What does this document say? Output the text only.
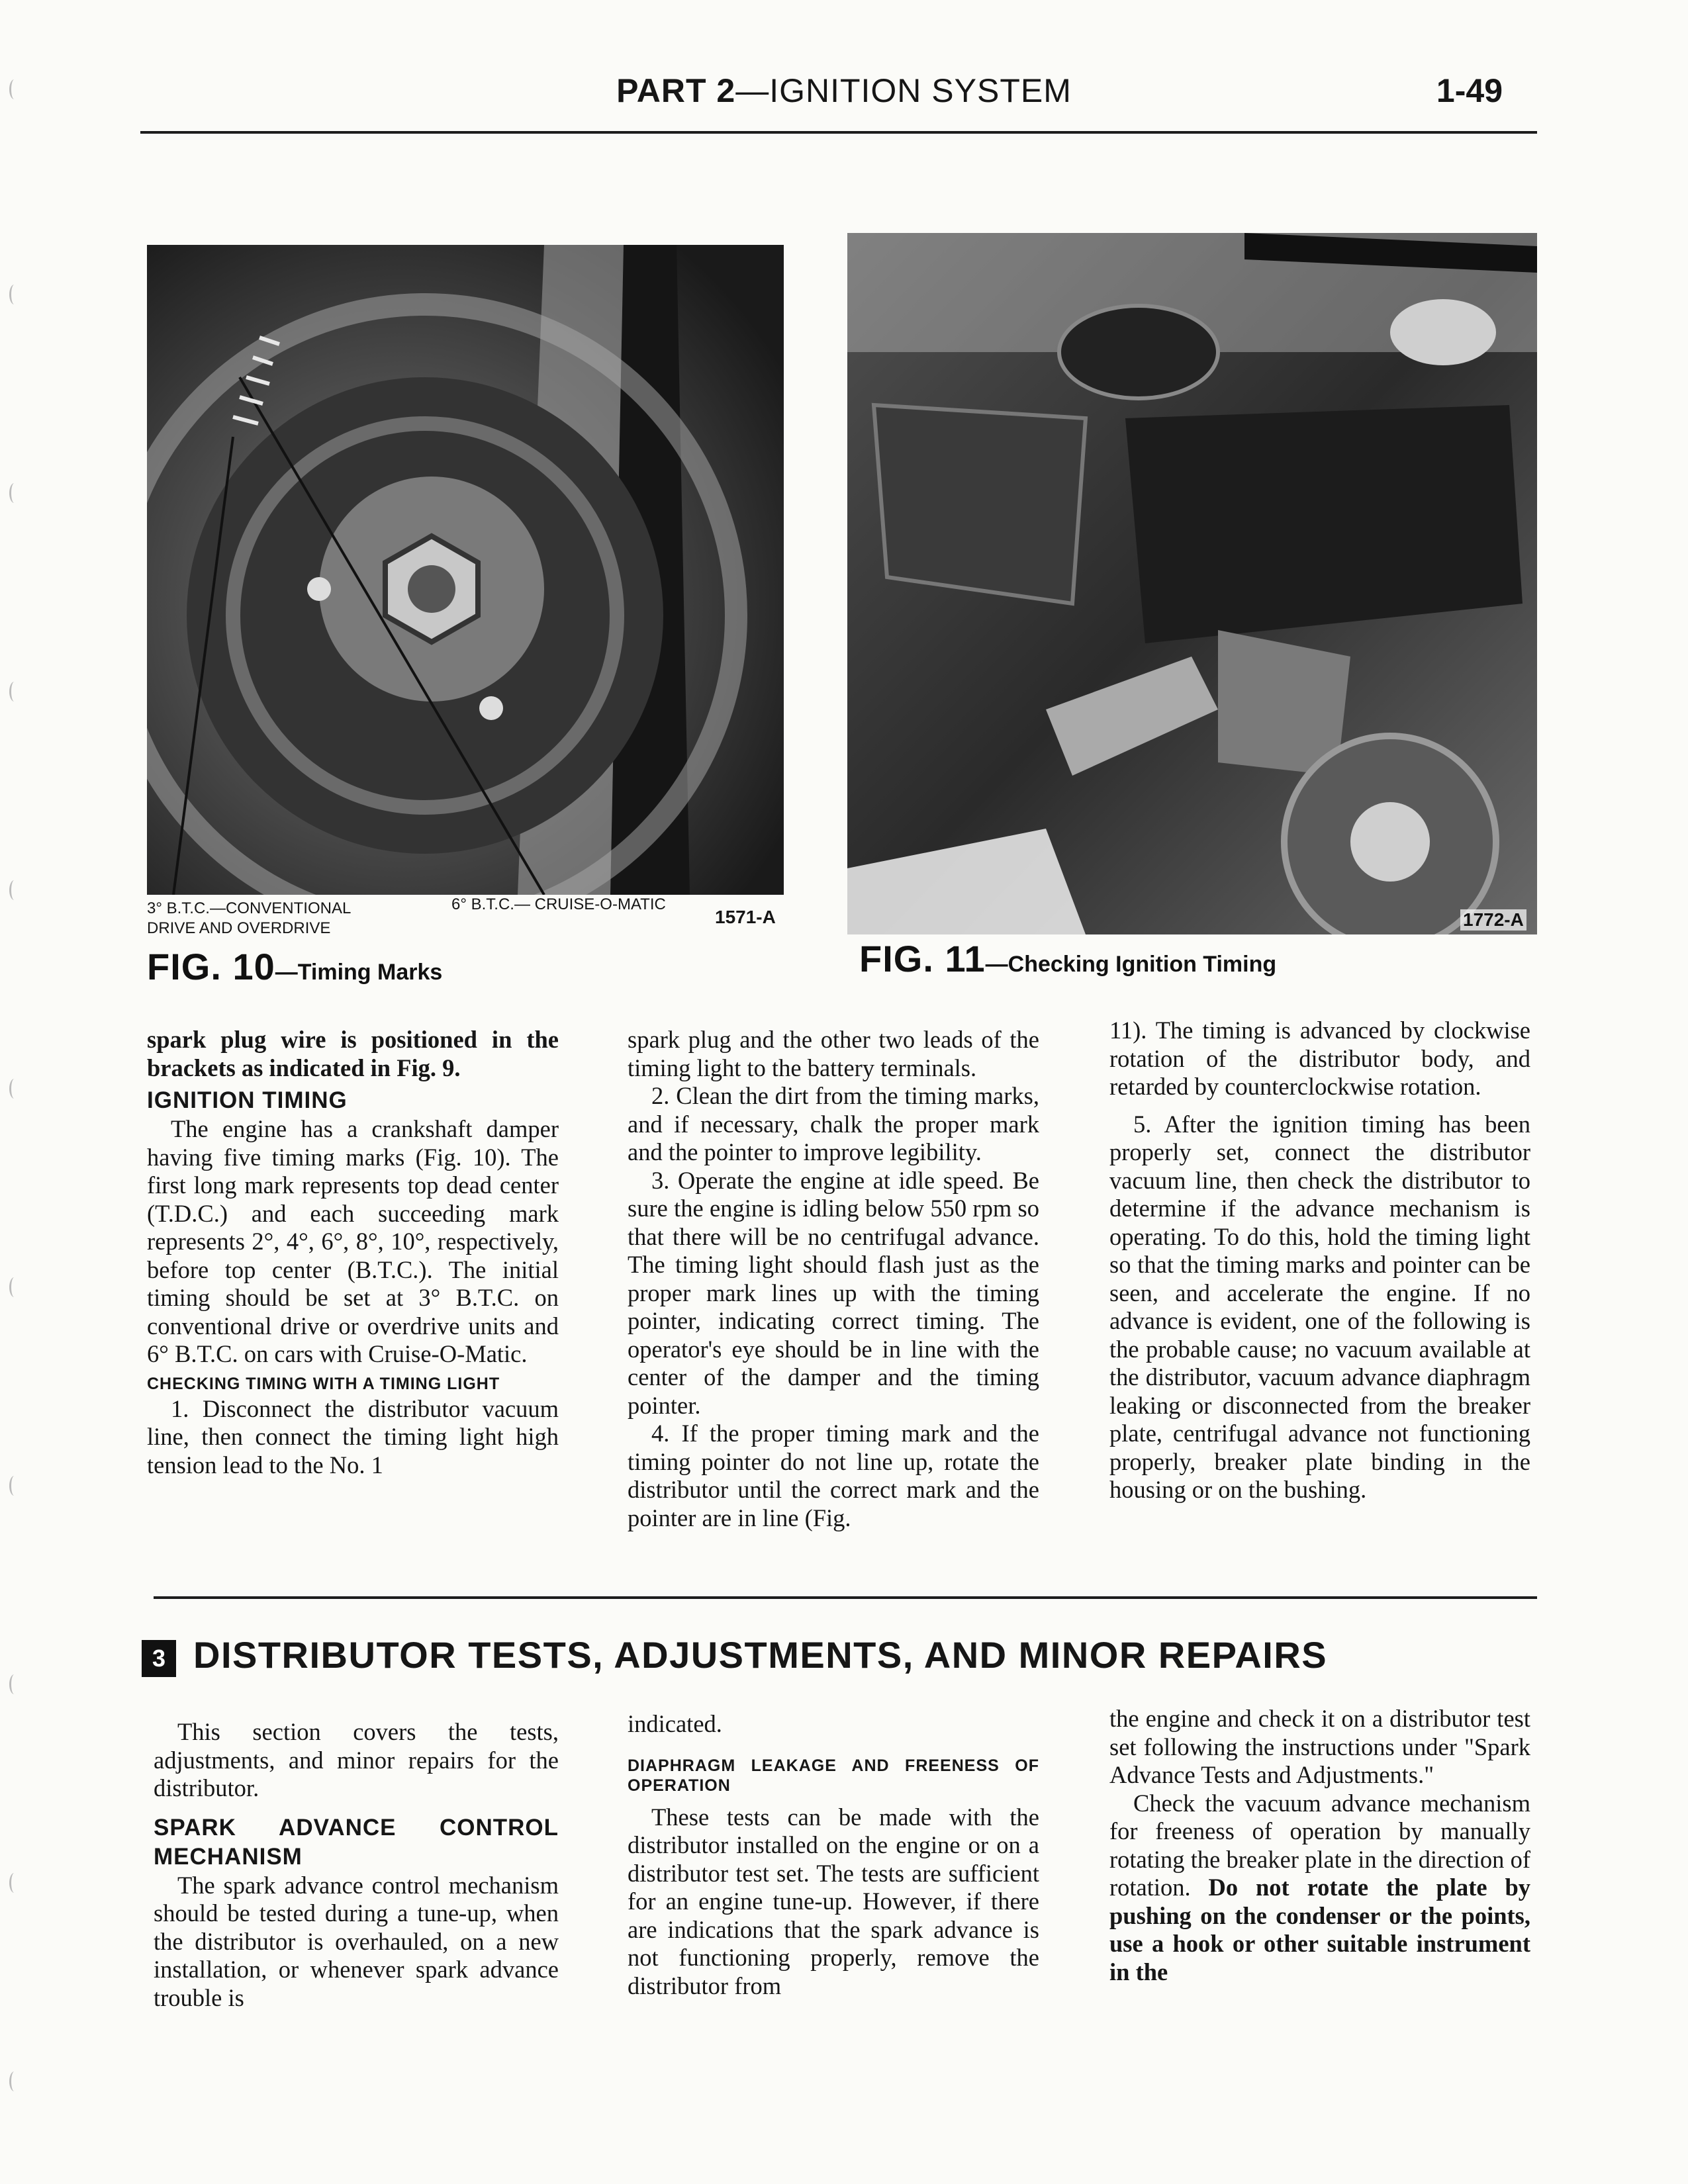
PART 2—IGNITION SYSTEM	1-49
3° B.T.C.—CONVENTIONAL
DRIVE AND OVERDRIVE
6° B.T.C.— CRUISE-O-MATIC
1571-A
FIG. 10—Timing Marks
1772-A
FIG. 11—Checking Ignition Timing

spark plug wire is positioned in the brackets as indicated in Fig. 9.

IGNITION TIMING

The engine has a crankshaft damper having five timing marks (Fig. 10). The first long mark represents top dead center (T.D.C.) and each succeeding mark represents 2°, 4°, 6°, 8°, 10°, respectively, before top center (B.T.C.). The initial timing should be set at 3° B.T.C. on conventional drive or overdrive units and 6° B.T.C. on cars with Cruise-O-Matic.

CHECKING TIMING WITH A TIMING LIGHT

1. Disconnect the distributor vacuum line, then connect the timing light high tension lead to the No. 1

spark plug and the other two leads of the timing light to the battery terminals.

2. Clean the dirt from the timing marks, and if necessary, chalk the proper mark and the pointer to improve legibility.

3. Operate the engine at idle speed. Be sure the engine is idling below 550 rpm so that there will be no centrifugal advance. The timing light should flash just as the proper mark lines up with the timing pointer, indicating correct timing. The operator's eye should be in line with the center of the damper and the timing pointer.

4. If the proper timing mark and the timing pointer do not line up, rotate the distributor until the correct mark and the pointer are in line (Fig.

11). The timing is advanced by clockwise rotation of the distributor body, and retarded by counterclockwise rotation.

5. After the ignition timing has been properly set, connect the distributor vacuum line, then check the distributor to determine if the advance mechanism is operating. To do this, hold the timing light so that the timing marks and pointer can be seen, and accelerate the engine. If no advance is evident, one of the following is the probable cause; no vacuum available at the distributor, vacuum advance diaphragm leaking or disconnected from the breaker plate, centrifugal advance not functioning properly, breaker plate binding in the housing or on the bushing.

3 DISTRIBUTOR TESTS, ADJUSTMENTS, AND MINOR REPAIRS

This section covers the tests, adjustments, and minor repairs for the distributor.

SPARK ADVANCE CONTROL MECHANISM

The spark advance control mechanism should be tested during a tune-up, when the distributor is overhauled, on a new installation, or whenever spark advance trouble is

indicated.

DIAPHRAGM LEAKAGE AND FREENESS OF OPERATION

These tests can be made with the distributor installed on the engine or on a distributor test set. The tests are sufficient for an engine tune-up. However, if there are indications that the spark advance is not functioning properly, remove the distributor from

the engine and check it on a distributor test set following the instructions under "Spark Advance Tests and Adjustments."

Check the vacuum advance mechanism for freeness of operation by manually rotating the breaker plate in the direction of rotation. Do not rotate the plate by pushing on the condenser or the points, use a hook or other suitable instrument in the
